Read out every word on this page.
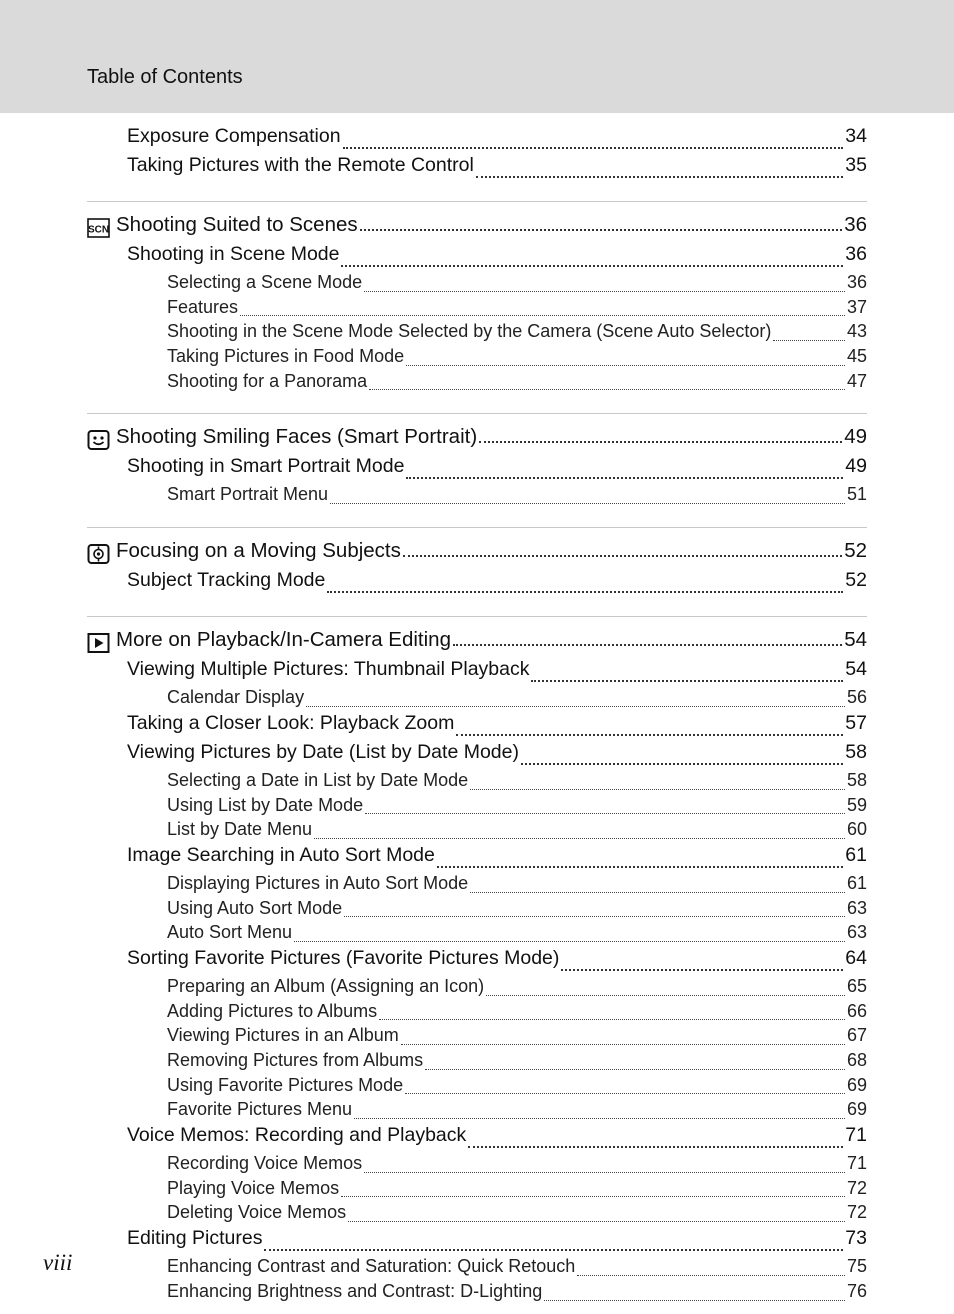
Table of Contents
Exposure Compensation	34
Taking Pictures with the Remote Control	35
SCN Shooting Suited to Scenes	36
Shooting in Scene Mode	36
Selecting a Scene Mode	36
Features	37
Shooting in the Scene Mode Selected by the Camera (Scene Auto Selector)	43
Taking Pictures in Food Mode	45
Shooting for a Panorama	47
Shooting Smiling Faces (Smart Portrait)	49
Shooting in Smart Portrait Mode	49
Smart Portrait Menu	51
Focusing on a Moving Subjects	52
Subject Tracking Mode	52
More on Playback/In-Camera Editing	54
Viewing Multiple Pictures: Thumbnail Playback	54
Calendar Display	56
Taking a Closer Look: Playback Zoom	57
Viewing Pictures by Date (List by Date Mode)	58
Selecting a Date in List by Date Mode	58
Using List by Date Mode	59
List by Date Menu	60
Image Searching in Auto Sort Mode	61
Displaying Pictures in Auto Sort Mode	61
Using Auto Sort Mode	63
Auto Sort Menu	63
Sorting Favorite Pictures (Favorite Pictures Mode)	64
Preparing an Album (Assigning an Icon)	65
Adding Pictures to Albums	66
Viewing Pictures in an Album	67
Removing Pictures from Albums	68
Using Favorite Pictures Mode	69
Favorite Pictures Menu	69
Voice Memos: Recording and Playback	71
Recording Voice Memos	71
Playing Voice Memos	72
Deleting Voice Memos	72
Editing Pictures	73
Enhancing Contrast and Saturation: Quick Retouch	75
Enhancing Brightness and Contrast: D-Lighting	76
viii
